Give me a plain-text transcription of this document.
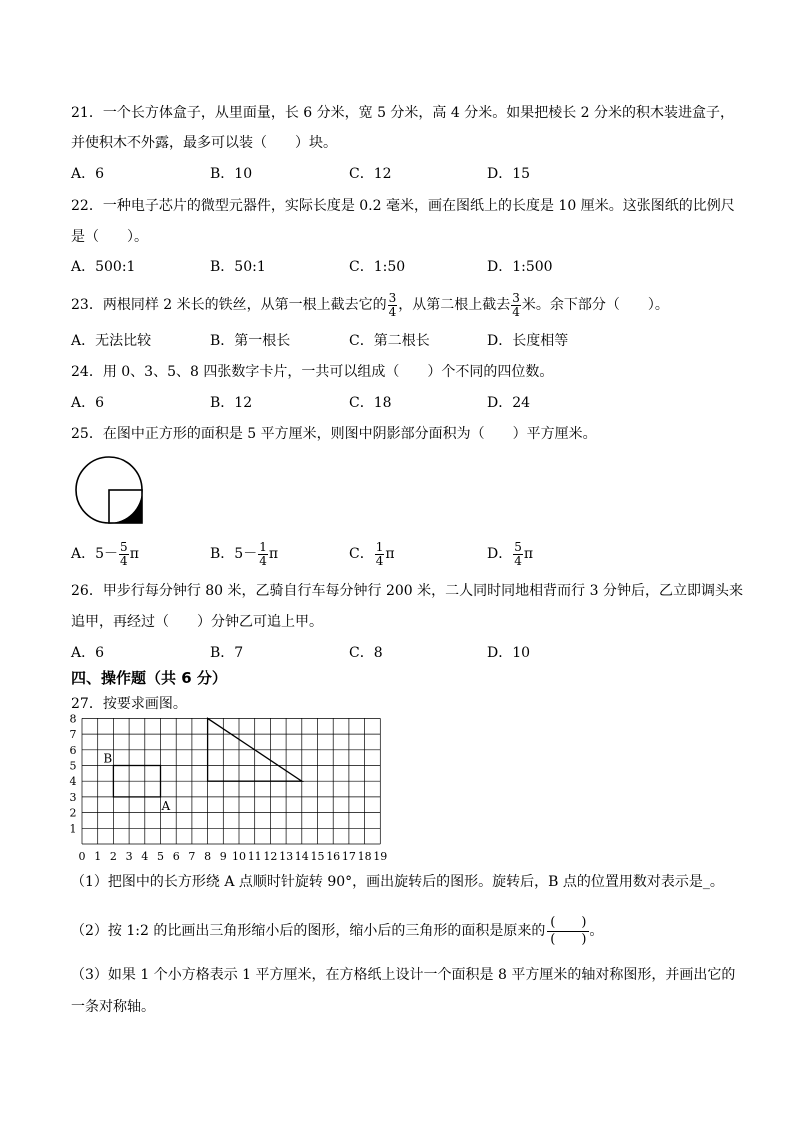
21．一个长方体盒子，从里面量，长 6 分米，宽 5 分米，高 4 分米。如果把棱长 2 分米的积木装进盒子，
并使积木不外露，最多可以装（　　）块。
A．6	B．10	C．12	D．15
22．一种电子芯片的微型元器件，实际长度是 0.2 毫米，画在图纸上的长度是 10 厘米。这张图纸的比例尺
是（　　）。
A．500:1	B．50:1	C．1:50	D．1:500
23．两根同样 2 米长的铁丝，从第一根上截去它的 $\frac{3}{4}$ ，从第二根上截去 $\frac{3}{4}$ 米。余下部分（　　）。
A．无法比较	B．第一根长	C．第二根长	D．长度相等
24．用 0、3、5、8 四张数字卡片，一共可以组成（　　）个不同的四位数。
A．6	B．12	C．18	D．24
25．在图中正方形的面积是 5 平方厘米，则图中阴影部分面积为（　　）平方厘米。
A．$5- \frac{5}{4}$ π	B．$5- \frac{1}{4}$ π	C． $\frac{1}{4}$ π	D． $\frac{5}{4}$ π
26．甲步行每分钟行 80 米，乙骑自行车每分钟行 200 米，二人同时同地相背而行 3 分钟后，乙立即调头来
追甲，再经过（　　）分钟乙可追上甲。
A．6	B．7	C．8	D．10
四、操作题（共 6 分）
27．按要求画图。
0 1 2 3 4 5 6 7 8 9 10 11 12 13 14 15 16 17 18 19
1
2
3
4
5
6
7
8
B
A
（1）把图中的长方形绕 A 点顺时针旋转 90°，画出旋转后的图形。旋转后，B 点的位置用数对表示是_。
（2）按 1:2 的比画出三角形缩小后的图形，缩小后的三角形的面积是原来的 $\frac{( )}{( )}$ 。
（3）如果 1 个小方格表示 1 平方厘米，在方格纸上设计一个面积是 8 平方厘米的轴对称图形，并画出它的
一条对称轴。
